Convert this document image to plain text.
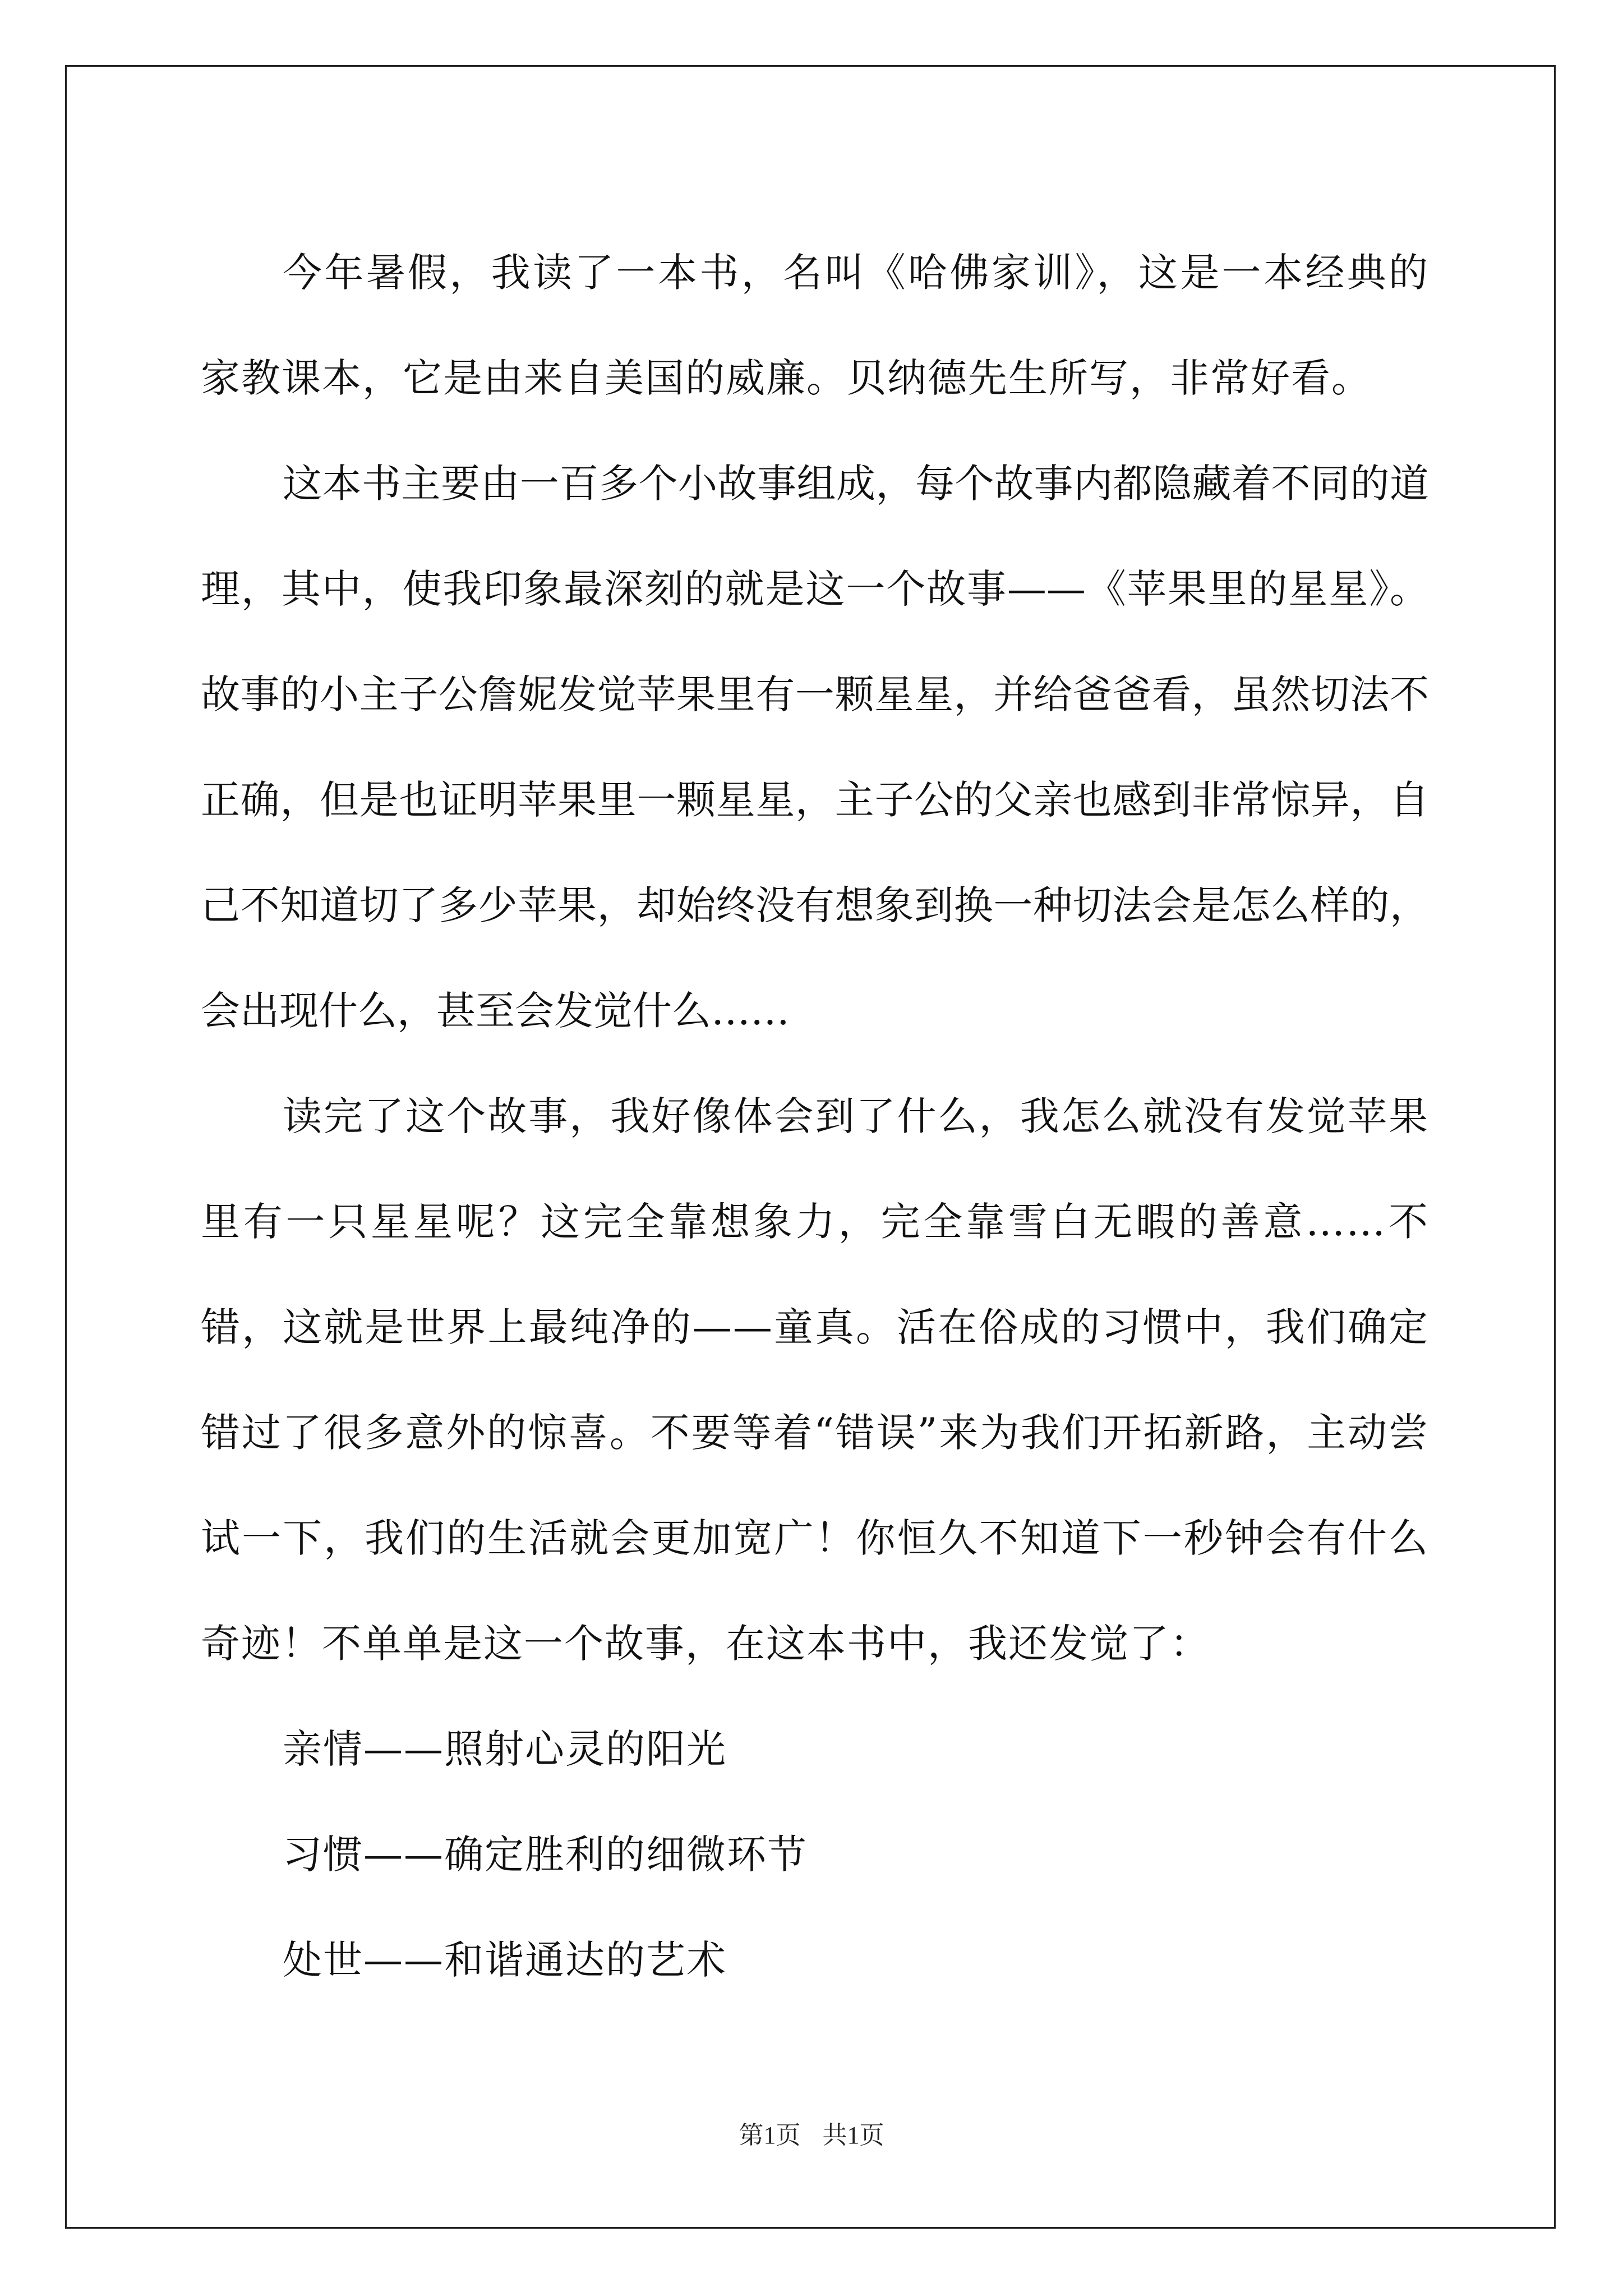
今年暑假，我读了一本书，名叫《哈佛家训》，这是一本经典的家教课本，它是由来自美国的威廉。贝纳德先生所写，非常好看。

这本书主要由一百多个小故事组成，每个故事内都隐藏着不同的道理，其中，使我印象最深刻的就是这一个故事——《苹果里的星星》。故事的小主子公詹妮发觉苹果里有一颗星星，并给爸爸看，虽然切法不正确，但是也证明苹果里一颗星星，主子公的父亲也感到非常惊异，自己不知道切了多少苹果，却始终没有想象到换一种切法会是怎么样的，会出现什么，甚至会发觉什么……

读完了这个故事，我好像体会到了什么，我怎么就没有发觉苹果里有一只星星呢？这完全靠想象力，完全靠雪白无暇的善意……不错，这就是世界上最纯净的——童真。活在俗成的习惯中，我们确定错过了很多意外的惊喜。不要等着“错误”来为我们开拓新路，主动尝试一下，我们的生活就会更加宽广！你恒久不知道下一秒钟会有什么奇迹！不单单是这一个故事，在这本书中，我还发觉了：

亲情——照射心灵的阳光

习惯——确定胜利的细微环节

处世——和谐通达的艺术

第1页 共1页
